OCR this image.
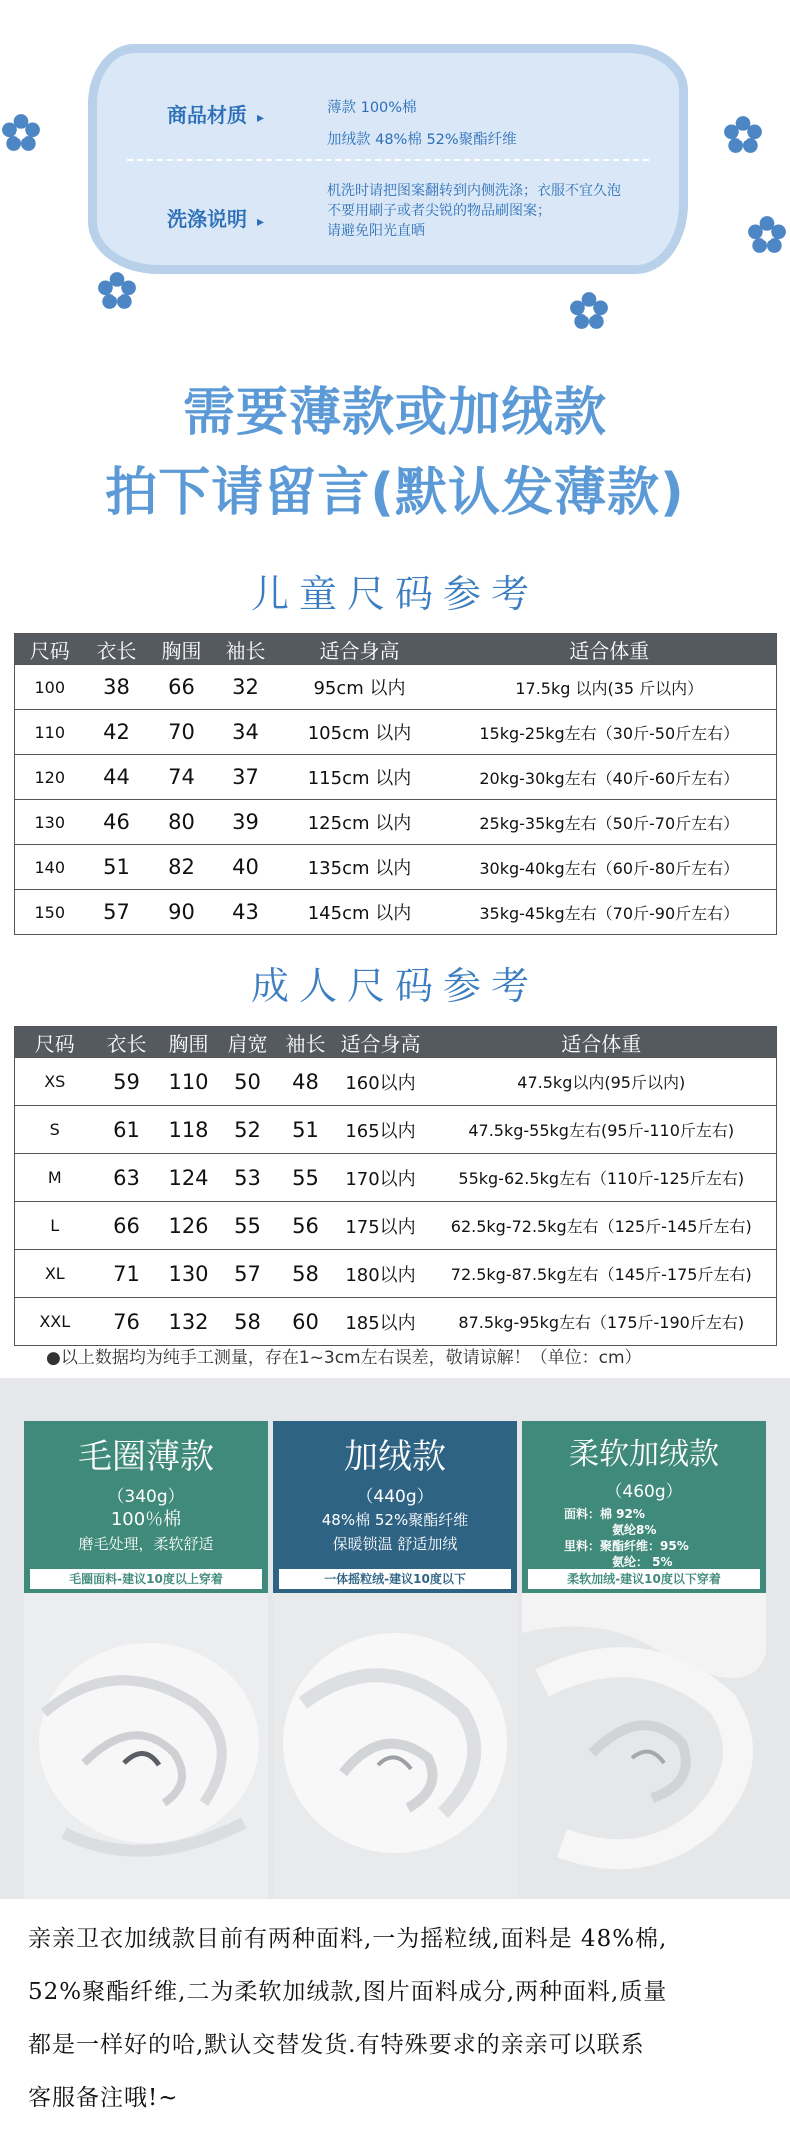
商品材质 ▸
薄款 100%棉
加绒款 48%棉 52%聚酯纤维
洗涤说明 ▸
机洗时请把图案翻转到内侧洗涤；衣服不宜久泡
不要用刷子或者尖锐的物品刷图案；
请避免阳光直晒
需要薄款或加绒款
拍下请留言(默认发薄款)
儿童尺码参考
尺码	衣长	胸围	袖长	适合身高	适合体重
100	38	66	32	95cm 以内	17.5kg 以内(35 斤以内）
110	42	70	34	105cm 以内	15kg-25kg左右（30斤-50斤左右）
120	44	74	37	115cm 以内	20kg-30kg左右（40斤-60斤左右）
130	46	80	39	125cm 以内	25kg-35kg左右（50斤-70斤左右）
140	51	82	40	135cm 以内	30kg-40kg左右（60斤-80斤左右）
150	57	90	43	145cm 以内	35kg-45kg左右（70斤-90斤左右）
成人尺码参考
尺码	衣长	胸围	肩宽	袖长	适合身高	适合体重
XS	59	110	50	48	160以内	47.5kg以内(95斤以内)
S	61	118	52	51	165以内	47.5kg-55kg左右(95斤-110斤左右)
M	63	124	53	55	170以内	55kg-62.5kg左右（110斤-125斤左右)
L	66	126	55	56	175以内	62.5kg-72.5kg左右（125斤-145斤左右)
XL	71	130	57	58	180以内	72.5kg-87.5kg左右（145斤-175斤左右)
XXL	76	132	58	60	185以内	87.5kg-95kg左右（175斤-190斤左右)
●以上数据均为纯手工测量，存在1~3cm左右误差，敬请谅解！（单位：cm）
毛圈薄款
（340g）
100％棉
磨毛处理，柔软舒适
毛圈面料-建议10度以上穿着
加绒款
（440g）
48%棉 52%聚酯纤维
保暖锁温 舒适加绒
一体摇粒绒-建议10度以下
柔软加绒款
（460g）
面料：棉 92%
氨纶8%
里料：聚酯纤维：95%
氨纶： 5%
柔软加绒-建议10度以下穿着
亲亲卫衣加绒款目前有两种面料,一为摇粒绒,面料是 48%棉,
52%聚酯纤维,二为柔软加绒款,图片面料成分,两种面料,质量
都是一样好的哈,默认交替发货.有特殊要求的亲亲可以联系
客服备注哦!~
